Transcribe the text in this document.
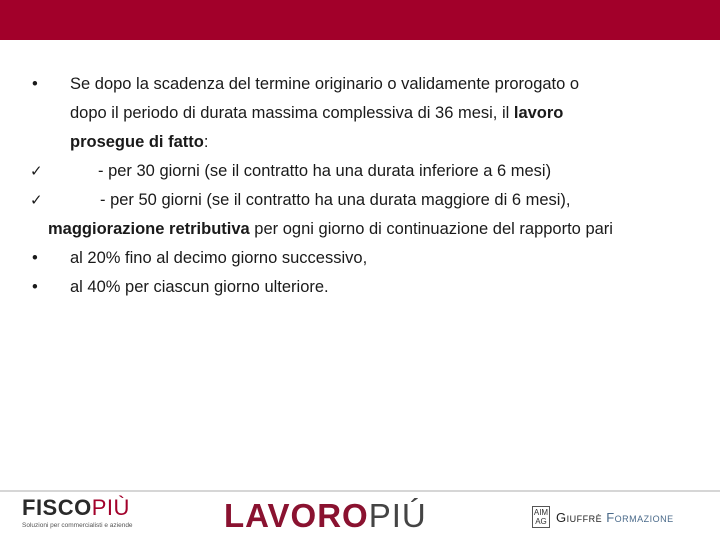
• Se dopo la scadenza del termine originario o validamente prorogato o
dopo il periodo di durata massima complessiva di 36 mesi, il lavoro
prosegue di fatto:
✓	- per 30 giorni (se il contratto ha una durata inferiore a 6 mesi)
✓	- per 50 giorni (se il contratto ha una durata maggiore di 6 mesi),
maggiorazione retributiva per ogni giorno di continuazione del rapporto pari
• al 20% fino al decimo giorno successivo,
• al 40% per ciascun giorno ulteriore.
FISCOPIÙ
Soluzioni per commercialisti e aziende	LAVOROPIÚ	AIM
AG Giuffrè Formazione
